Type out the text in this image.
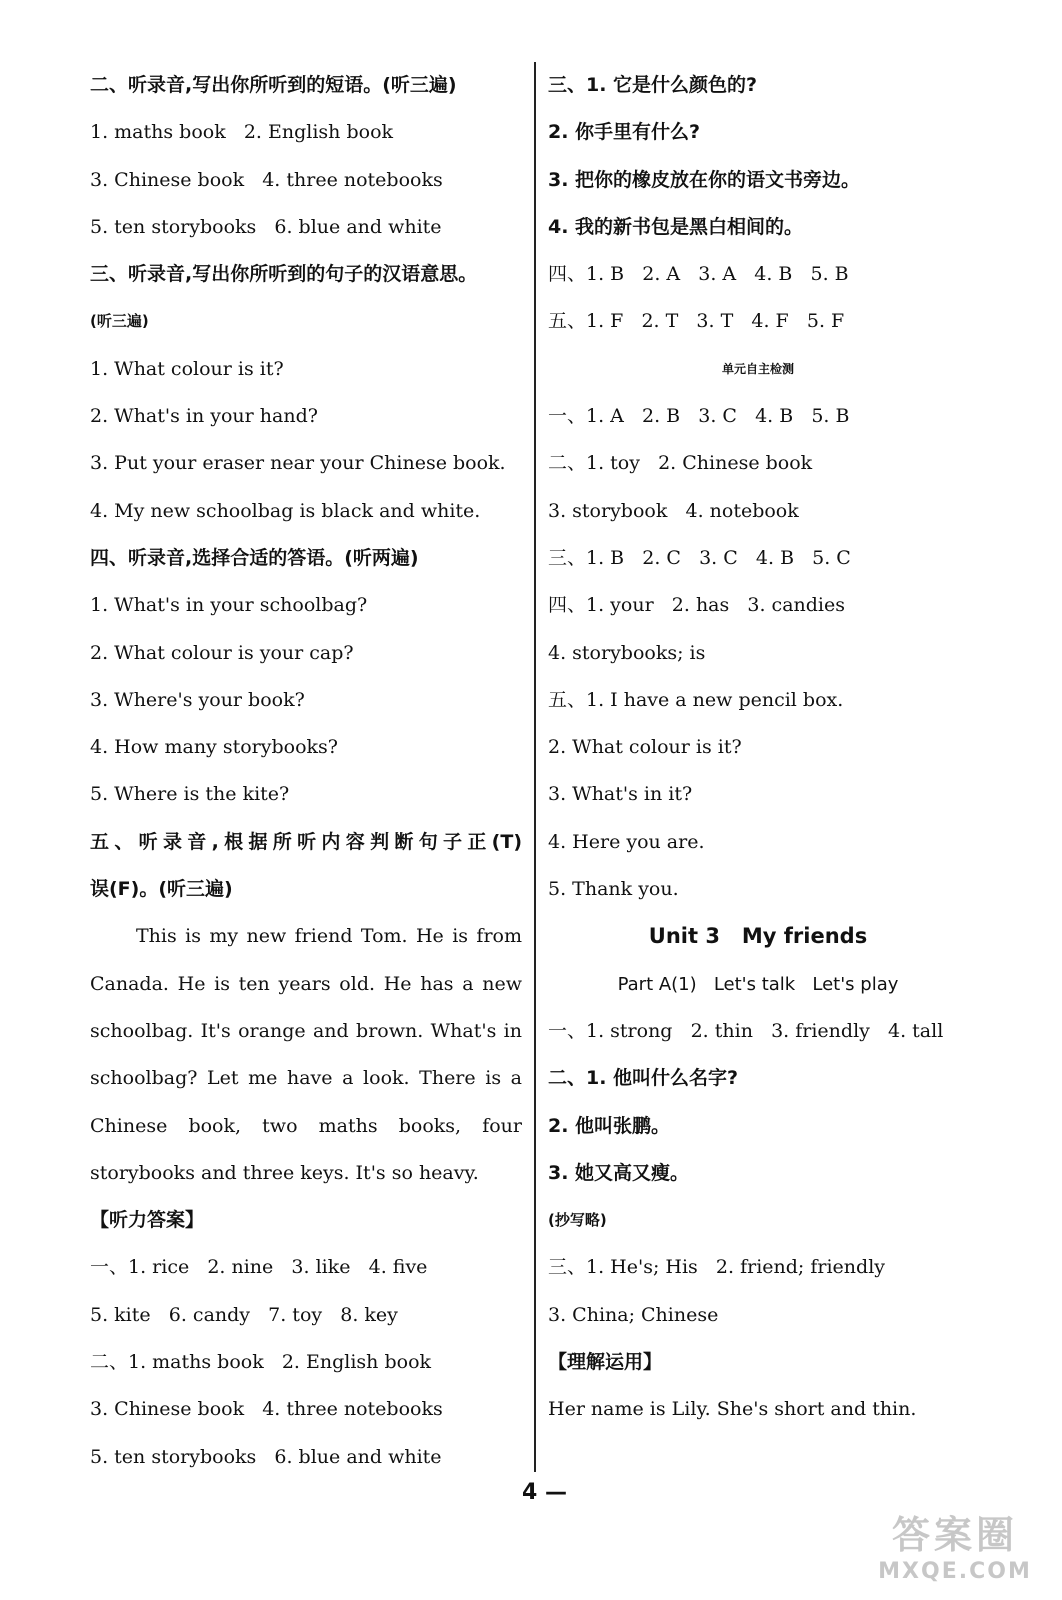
二、听录音,写出你所听到的短语。(听三遍)
1. maths book   2. English book
3. Chinese book   4. three notebooks
5. ten storybooks   6. blue and white
三、听录音,写出你所听到的句子的汉语意思。
(听三遍)
1. What colour is it?
2. What's in your hand?
3. Put your eraser near your Chinese book.
4. My new schoolbag is black and white.
四、听录音,选择合适的答语。(听两遍)
1. What's in your schoolbag?
2. What colour is your cap?
3. Where's your book?
4. How many storybooks?
5. Where is the kite?
五、听录音,根据所听内容判断句子正(T)
误(F)。(听三遍)
This is my new friend Tom. He is from
Canada. He is ten years old. He has a new
schoolbag. It's orange and brown. What's in
schoolbag? Let me have a look. There is a
Chinese book, two maths books, four
storybooks and three keys. It's so heavy.
【听力答案】
一、1. rice   2. nine   3. like   4. five
5. kite   6. candy   7. toy   8. key
二、1. maths book   2. English book
3. Chinese book   4. three notebooks
5. ten storybooks   6. blue and white
三、1. 它是什么颜色的?
2. 你手里有什么?
3. 把你的橡皮放在你的语文书旁边。
4. 我的新书包是黑白相间的。
四、1. B   2. A   3. A   4. B   5. B
五、1. F   2. T   3. T   4. F   5. F
单元自主检测
一、1. A   2. B   3. C   4. B   5. B
二、1. toy   2. Chinese book
3. storybook   4. notebook
三、1. B   2. C   3. C   4. B   5. C
四、1. your   2. has   3. candies
4. storybooks; is
五、1. I have a new pencil box.
2. What colour is it?
3. What's in it?
4. Here you are.
5. Thank you.
Unit 3   My friends
Part A(1)   Let's talk   Let's play
一、1. strong   2. thin   3. friendly   4. tall
二、1. 他叫什么名字?
2. 他叫张鹏。
3. 她又高又瘦。
(抄写略)
三、1. He's; His   2. friend; friendly
3. China; Chinese
【理解运用】
Her name is Lily. She's short and thin.
4 —
答案圈
MXQE.COM
